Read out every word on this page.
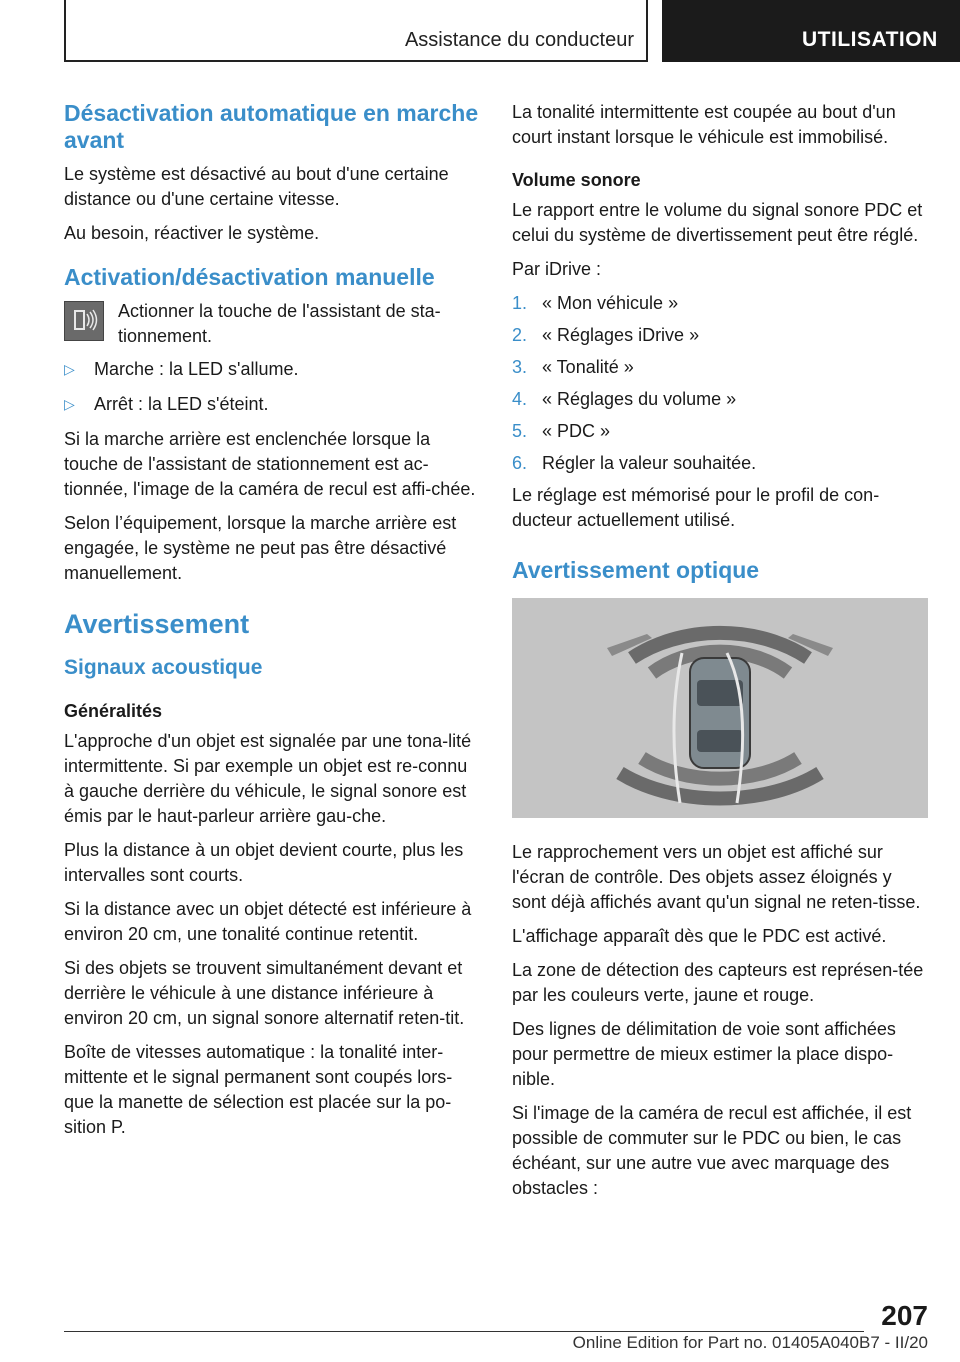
Assistance du conducteur	UTILISATION
Désactivation automatique en marche avant

Le système est désactivé au bout d'une certaine distance ou d'une certaine vitesse.

Au besoin, réactiver le système.

Activation/désactivation manuelle
Actionner la touche de l'assistant de sta-tionnement.
▷	Marche : la LED s'allume.
▷	Arrêt : la LED s'éteint.

Si la marche arrière est enclenchée lorsque la touche de l'assistant de stationnement est ac-tionnée, l'image de la caméra de recul est affi-chée.

Selon l’équipement, lorsque la marche arrière est engagée, le système ne peut pas être désactivé manuellement.

Avertissement
Signaux acoustique
Généralités

L'approche d'un objet est signalée par une tona-lité intermittente. Si par exemple un objet est re-connu à gauche derrière du véhicule, le signal sonore est émis par le haut-parleur arrière gau-che.

Plus la distance à un objet devient courte, plus les intervalles sont courts.

Si la distance avec un objet détecté est inférieure à environ 20 cm, une tonalité continue retentit.

Si des objets se trouvent simultanément devant et derrière le véhicule à une distance inférieure à environ 20 cm, un signal sonore alternatif reten-tit.

Boîte de vitesses automatique : la tonalité inter-mittente et le signal permanent sont coupés lors-que la manette de sélection est placée sur la po-sition P.

La tonalité intermittente est coupée au bout d'un court instant lorsque le véhicule est immobilisé.

Volume sonore

Le rapport entre le volume du signal sonore PDC et celui du système de divertissement peut être réglé.

Par iDrive :

1. « Mon véhicule »
2. « Réglages iDrive »
3. « Tonalité »
4. « Réglages du volume »
5. « PDC »
6. Régler la valeur souhaitée.

Le réglage est mémorisé pour le profil de con-ducteur actuellement utilisé.

Avertissement optique

Le rapprochement vers un objet est affiché sur l'écran de contrôle. Des objets assez éloignés y sont déjà affichés avant qu'un signal ne reten-tisse.

L'affichage apparaît dès que le PDC est activé.

La zone de détection des capteurs est représen-tée par les couleurs verte, jaune et rouge.

Des lignes de délimitation de voie sont affichées pour permettre de mieux estimer la place dispo-nible.

Si l'image de la caméra de recul est affichée, il est possible de commuter sur le PDC ou bien, le cas échéant, sur une autre vue avec marquage des obstacles :

207
Online Edition for Part no. 01405A040B7 - II/20
